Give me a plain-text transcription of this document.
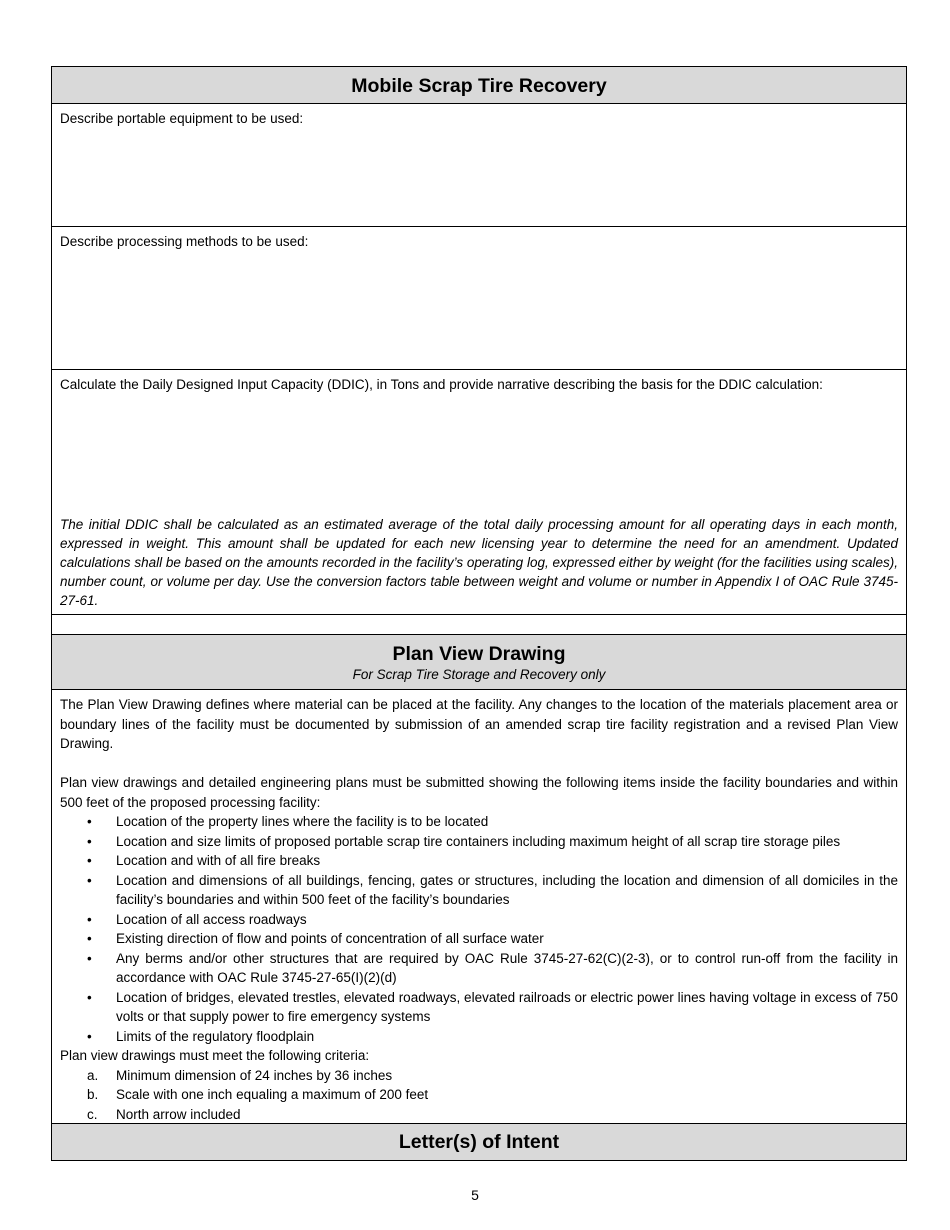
Mobile Scrap Tire Recovery
Describe portable equipment to be used:
Describe processing methods to be used:
Calculate the Daily Designed Input Capacity (DDIC), in Tons and provide narrative describing the basis for the DDIC calculation:
The initial DDIC shall be calculated as an estimated average of the total daily processing amount for all operating days in each month, expressed in weight. This amount shall be updated for each new licensing year to determine the need for an amendment. Updated calculations shall be based on the amounts recorded in the facility’s operating log, expressed either by weight (for the facilities using scales), number count, or volume per day. Use the conversion factors table between weight and volume or number in Appendix I of OAC Rule 3745-27-61.
Plan View Drawing
For Scrap Tire Storage and Recovery only

The Plan View Drawing defines where material can be placed at the facility. Any changes to the location of the materials placement area or boundary lines of the facility must be documented by submission of an amended scrap tire facility registration and a revised Plan View Drawing.

Plan view drawings and detailed engineering plans must be submitted showing the following items inside the facility boundaries and within 500 feet of the proposed processing facility:

• Location of the property lines where the facility is to be located
• Location and size limits of proposed portable scrap tire containers including maximum height of all scrap tire storage piles
• Location and with of all fire breaks
• Location and dimensions of all buildings, fencing, gates or structures, including the location and dimension of all domiciles in the facility’s boundaries and within 500 feet of the facility’s boundaries
• Location of all access roadways
• Existing direction of flow and points of concentration of all surface water
• Any berms and/or other structures that are required by OAC Rule 3745-27-62(C)(2-3), or to control run-off from the facility in accordance with OAC Rule 3745-27-65(I)(2)(d)
• Location of bridges, elevated trestles, elevated roadways, elevated railroads or electric power lines having voltage in excess of 750 volts or that supply power to fire emergency systems
• Limits of the regulatory floodplain

Plan view drawings must meet the following criteria:

a. Minimum dimension of 24 inches by 36 inches
b. Scale with one inch equaling a maximum of 200 feet
c. North arrow included
Letter(s) of Intent
5
